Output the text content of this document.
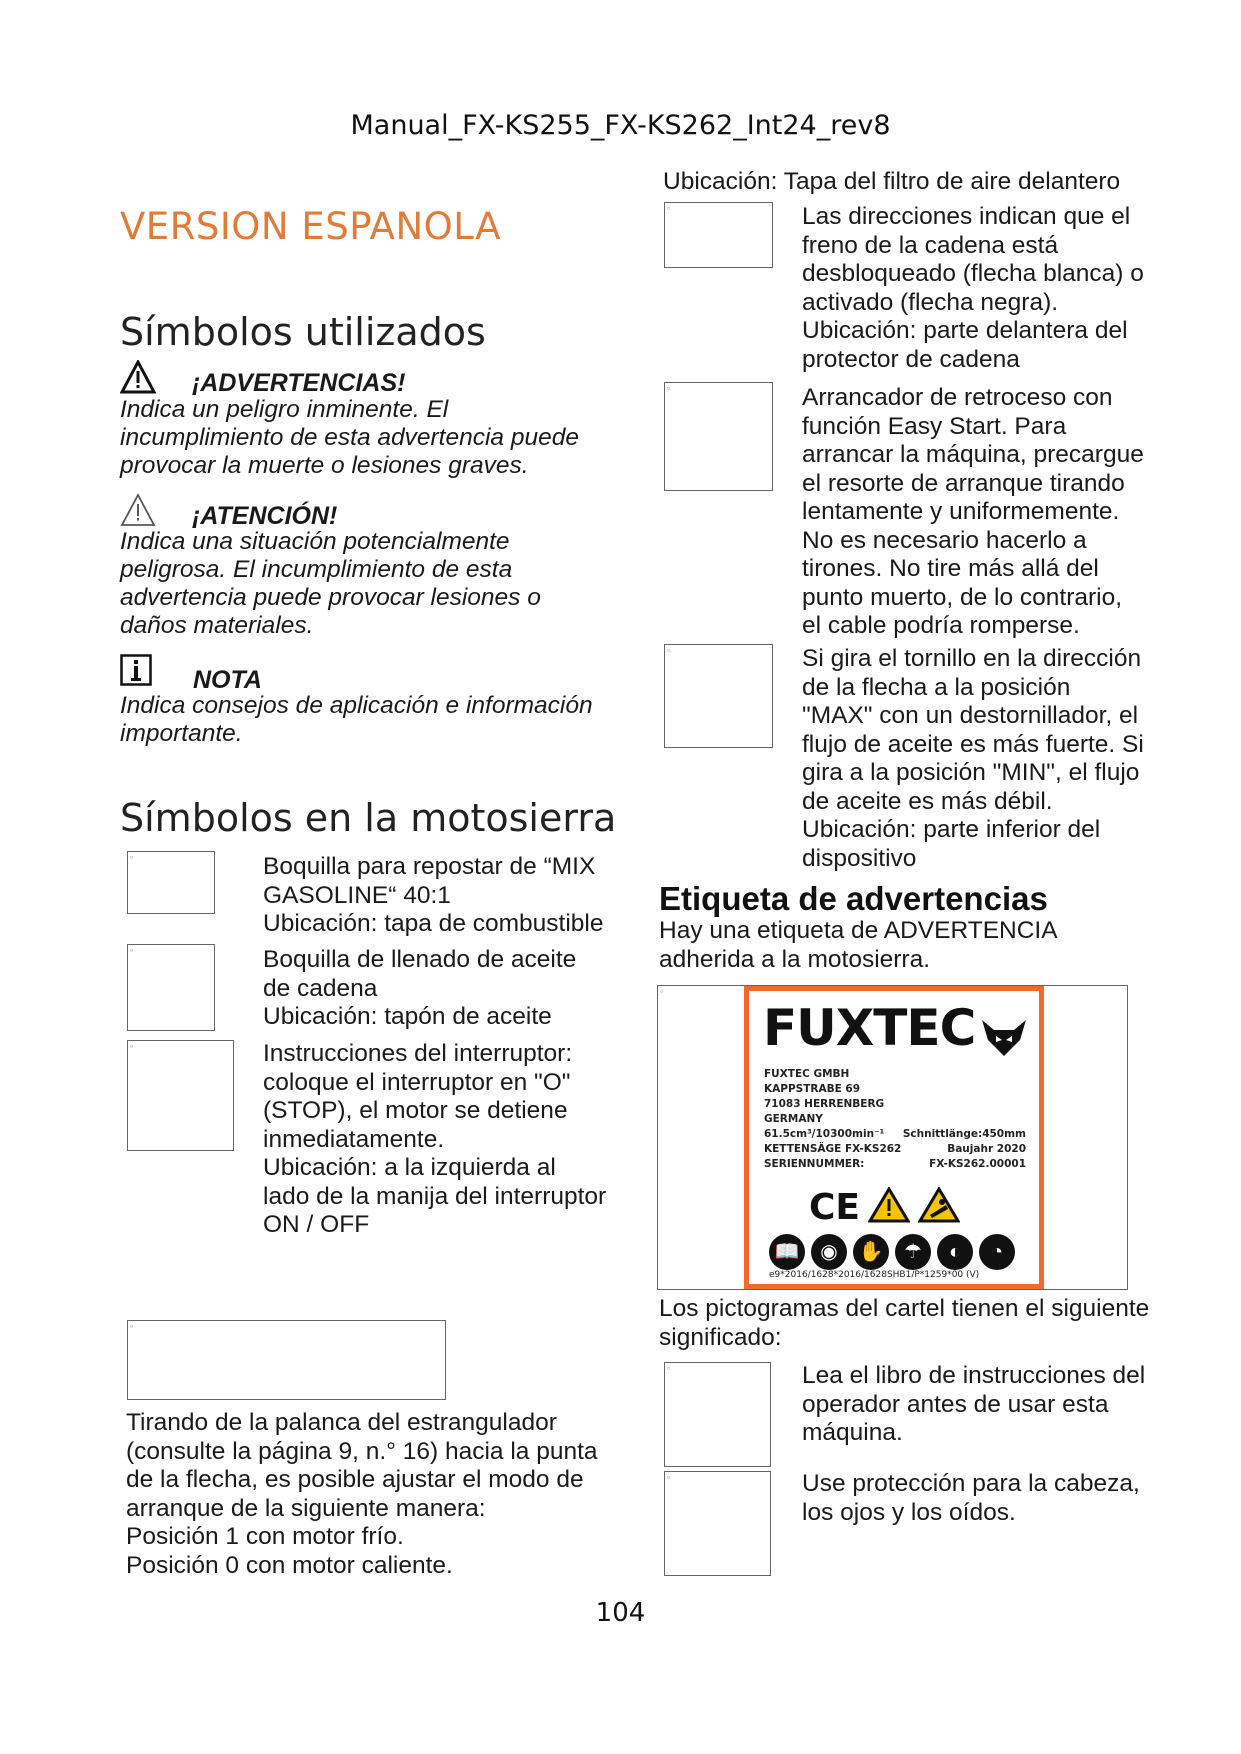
Manual_FX-KS255_FX-KS262_Int24_rev8
VERSION ESPANOLA
Símbolos utilizados
¡ADVERTENCIAS!
Indica un peligro inminente. El
incumplimiento de esta advertencia puede
provocar la muerte o lesiones graves.
¡ATENCIÓN!
Indica una situación potencialmente
peligrosa. El incumplimiento de esta
advertencia puede provocar lesiones o
daños materiales.
NOTA
Indica consejos de aplicación e información
importante.
Símbolos en la motosierra
▫	Boquilla para repostar de “MIX
GASOLINE“ 40:1
Ubicación: tapa de combustible
▫	Boquilla de llenado de aceite
de cadena
Ubicación: tapón de aceite
▫	Instrucciones del interruptor:
coloque el interruptor en "O"
(STOP), el motor se detiene
inmediatamente.
Ubicación: a la izquierda al
lado de la manija del interruptor
ON / OFF
▫
Tirando de la palanca del estrangulador
(consulte la página 9, n.° 16) hacia la punta
de la flecha, es posible ajustar el modo de
arranque de la siguiente manera:
Posición 1 con motor frío.
Posición 0 con motor caliente.
Ubicación: Tapa del filtro de aire delantero
▫	Las direcciones indican que el
freno de la cadena está
desbloqueado (flecha blanca) o
activado (flecha negra).
Ubicación: parte delantera del
protector de cadena
▫	Arrancador de retroceso con
función Easy Start. Para
arrancar la máquina, precargue
el resorte de arranque tirando
lentamente y uniformemente.
No es necesario hacerlo a
tirones. No tire más allá del
punto muerto, de lo contrario,
el cable podría romperse.
▫	Si gira el tornillo en la dirección
de la flecha a la posición
"MAX" con un destornillador, el
flujo de aceite es más fuerte. Si
gira a la posición "MIN", el flujo
de aceite es más débil.
Ubicación: parte inferior del
dispositivo
Etiqueta de advertencias
Hay una etiqueta de ADVERTENCIA
adherida a la motosierra.
▫
FUXTEC
FUXTEC GMBH
KAPPSTRABE 69
71083 HERRENBERG
GERMANY
61.5cm³/10300min⁻¹ Schnittlänge:450mm
KETTENSÄGE FX-KS262	Baujahr 2020
SERIENNUMMER:	FX-KS262.00001
CE
📖 ◉ ✋ ☂ ◐ ◔
e9*2016/1628*2016/1628SHB1/P*1259*00 (V)
Los pictogramas del cartel tienen el siguiente
significado:
▫	Lea el libro de instrucciones del
operador antes de usar esta
máquina.
▫	Use protección para la cabeza,
los ojos y los oídos.
104
